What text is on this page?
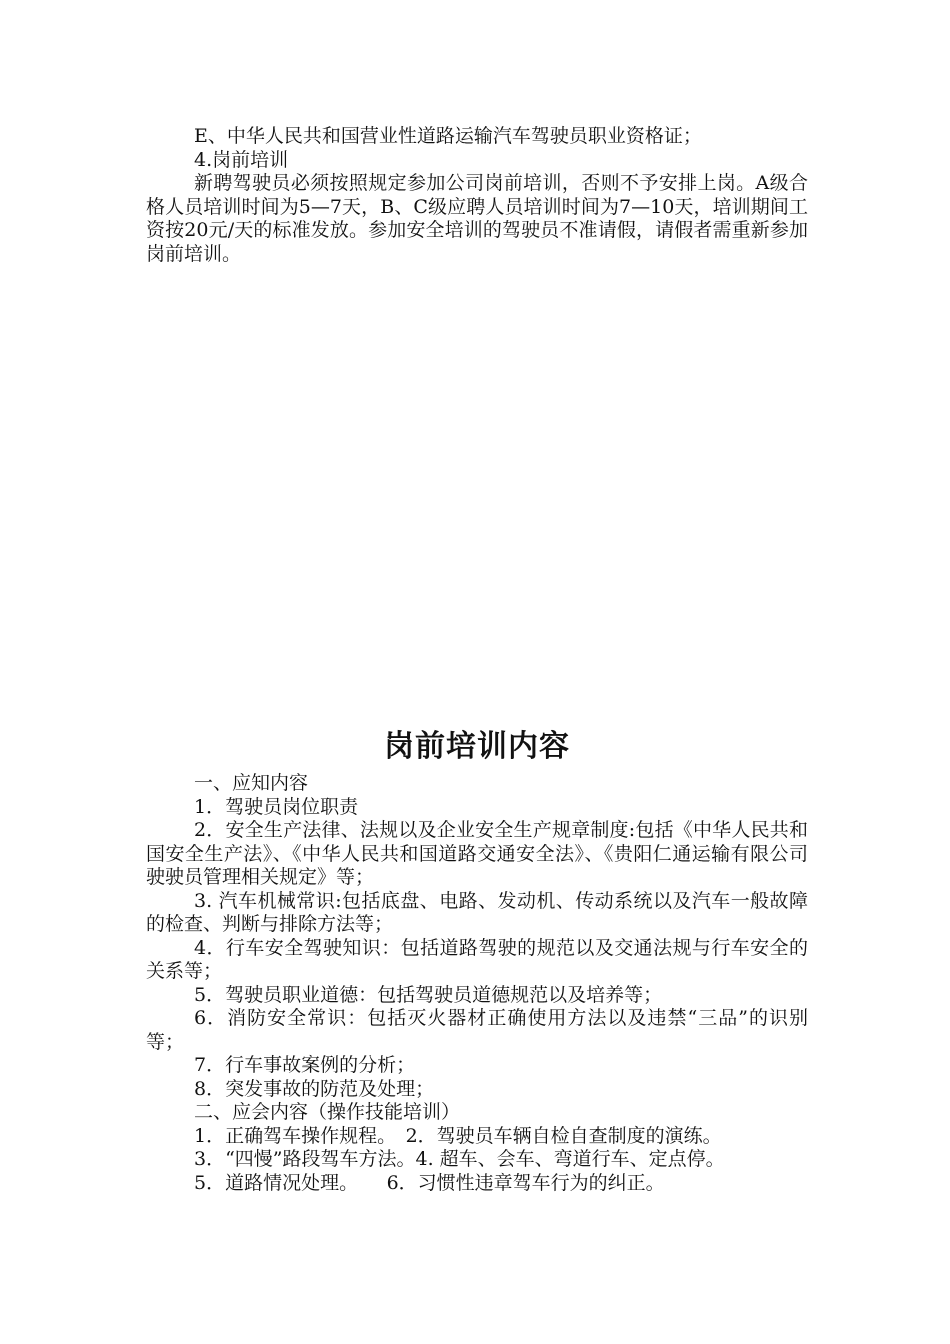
E、中华人民共和国营业性道路运输汽车驾驶员职业资格证；

4.岗前培训

新聘驾驶员必须按照规定参加公司岗前培训，否则不予安排上岗。A级合格人员培训时间为5—7天，B、C级应聘人员培训时间为7—10天，培训期间工资按20元/天的标准发放。参加安全培训的驾驶员不准请假，请假者需重新参加岗前培训。

岗前培训内容

一、应知内容

1．驾驶员岗位职责

2．安全生产法律、法规以及企业安全生产规章制度:包括《中华人民共和国安全生产法》、《中华人民共和国道路交通安全法》、《贵阳仁通运输有限公司驶驶员管理相关规定》等；

3. 汽车机械常识:包括底盘、电路、发动机、传动系统以及汽车一般故障的检查、判断与排除方法等；

4．行车安全驾驶知识：包括道路驾驶的规范以及交通法规与行车安全的关系等；

5．驾驶员职业道德：包括驾驶员道德规范以及培养等；

6．消防安全常识：包括灭火器材正确使用方法以及违禁“三品”的识别等；

7．行车事故案例的分析；

8．突发事故的防范及处理；

二、应会内容（操作技能培训）

1．正确驾车操作规程。　2．驾驶员车辆自检自查制度的演练。

3．“四慢”路段驾车方法。4. 超车、会车、弯道行车、定点停。

5．道路情况处理。　　6．习惯性违章驾车行为的纠正。
